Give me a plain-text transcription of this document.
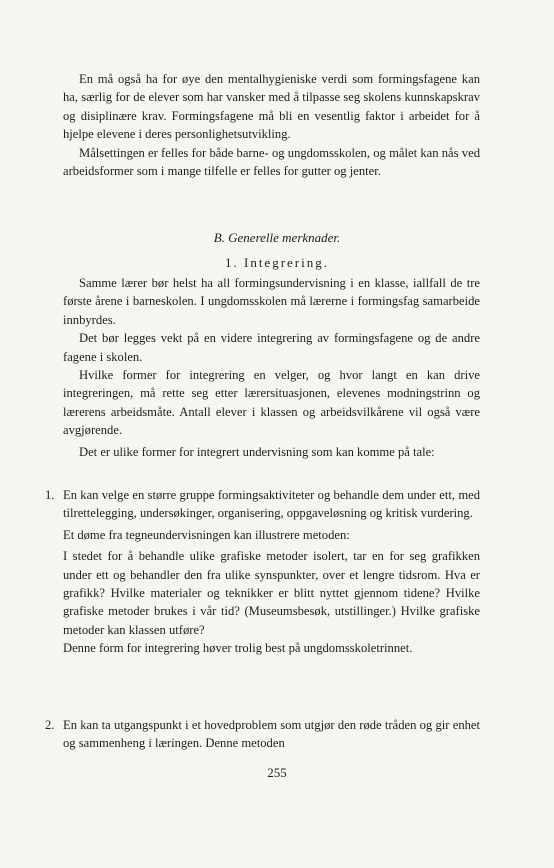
En må også ha for øye den mentalhygieniske verdi som formingsfagene kan ha, særlig for de elever som har vansker med å tilpasse seg skolens kunnskapskrav og disiplinære krav. Formingsfagene må bli en vesentlig faktor i arbeidet for å hjelpe elevene i deres personlighetsutvikling.

Målsettingen er felles for både barne- og ungdomsskolen, og målet kan nås ved arbeidsformer som i mange tilfelle er felles for gutter og jenter.

B. Generelle merknader.
1. Integrering.

Samme lærer bør helst ha all formingsundervisning i en klasse, iallfall de tre første årene i barneskolen. I ungdomsskolen må lærerne i formingsfag samarbeide innbyrdes.

Det bør legges vekt på en videre integrering av formingsfagene og de andre fagene i skolen.

Hvilke former for integrering en velger, og hvor langt en kan drive integreringen, må rette seg etter lærersituasjonen, elevenes modningstrinn og lærerens arbeidsmåte. Antall elever i klassen og arbeidsvilkårene vil også være avgjørende.

Det er ulike former for integrert undervisning som kan komme på tale:

1. En kan velge en større gruppe formingsaktiviteter og behandle dem under ett, med tilrettelegging, undersøkinger, organisering, oppgaveløsning og kritisk vurdering.

Et døme fra tegneundervisningen kan illustrere metoden:

I stedet for å behandle ulike grafiske metoder isolert, tar en for seg grafikken under ett og behandler den fra ulike synspunkter, over et lengre tidsrom. Hva er grafikk? Hvilke materialer og teknikker er blitt nyttet gjennom tidene? Hvilke grafiske metoder brukes i vår tid? (Museumsbesøk, utstillinger.) Hvilke grafiske metoder kan klassen utføre?

Denne form for integrering høver trolig best på ungdomsskoletrinnet.

2. En kan ta utgangspunkt i et hovedproblem som utgjør den røde tråden og gir enhet og sammenheng i læringen. Denne metoden

255
